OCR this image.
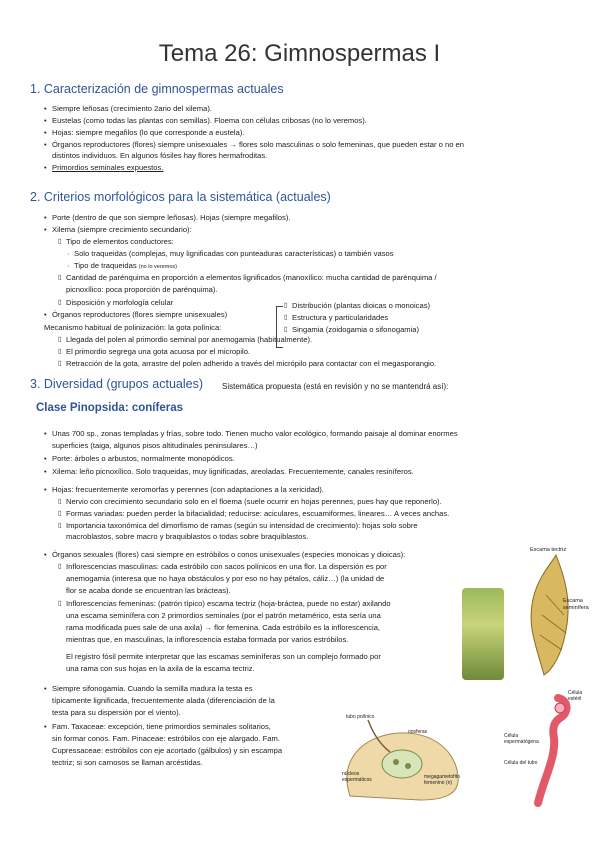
Tema 26: Gimnospermas I
1. Caracterización de gimnospermas actuales
• Siempre leñosas (crecimiento 2ario del xilema).
• Eustelas (como todas las plantas con semillas). Floema con células cribosas (no lo veremos).
• Hojas: siempre megafilos (lo que corresponde a eustela).
• Órganos reproductores (flores) siempre unisexuales → flores solo masculinas o solo femeninas, que pueden estar o no en
distintos individuos. En algunos fósiles hay flores hermafroditas.
• Primordios seminales expuestos.
2. Criterios morfológicos para la sistemática (actuales)
• Porte (dentro de que son siempre leñosas). Hojas (siempre megafilos).
• Xilema (siempre crecimiento secundario):
▯ Tipo de elementos conductores:
· Solo traqueidas (complejas, muy lignificadas con punteaduras características) o también vasos
· Tipo de traqueidas (no lo veremos)
▯ Cantidad de parénquima en proporción a elementos lignificados (manoxílico: mucha cantidad de parénquima /
picnoxílico: poca proporción de parénquima).
▯ Disposición y morfología celular
• Órganos reproductores (flores siempre unisexuales)
▯ Distribución (plantas dioicas o monoicas)
▯ Estructura y particularidades
▯ Singamia (zoidogamia o sifonogamia)
Mecanismo habitual de polinización: la gota polínica:
▯ Llegada del polen al primordio seminal por anemogamia (habitualmente).
▯ El primordio segrega una gota acuosa por el micropilo.
▯ Retracción de la gota, arrastre del polen adherido a través del micrópilo para contactar con el megasporangio.
3. Diversidad (grupos actuales) Sistemática propuesta (está en revisión y no se mantendrá así):
Clase Pinopsida: coníferas
• Unas 700 sp., zonas templadas y frías, sobre todo. Tienen mucho valor ecológico, formando paisaje al dominar enormes
superficies (taiga, algunos pisos altitudinales peninsulares…)
• Porte: árboles o arbustos, normalmente monopódicos.
• Xilema: leño picnoxílico. Solo traqueidas, muy lignificadas, areoladas. Frecuentemente, canales resiníferos.
• Hojas: frecuentemente xeromorfas y perennes (con adaptaciones a la xericidad).
▯ Nervio con crecimiento secundario solo en el floema (suele ocurrir en hojas perennes, pues hay que reponerlo).
▯ Formas variadas: pueden perder la bifacialidad; reducirse: aciculares, escuamiformes, lineares… A veces anchas.
▯ Importancia taxonómica del dimorfismo de ramas (según su intensidad de crecimiento): hojas solo sobre
macroblastos, sobre macro y braquiblastos o todas sobre braquiblastos.
• Órganos sexuales (flores) casi siempre en estróbilos o conos unisexuales (especies monoicas y dioicas):
▯ Inflorescencias masculinas: cada estróbilo con sacos polínicos en una flor. La dispersión es por
anemogamia (interesa que no haya obstáculos y por eso no hay pétalos, cáliz…) (la unidad de
flor se acaba donde se encuentran las brácteas).
▯ Inflorescencias femeninas: (patrón típico) escama tectriz (hoja-bráctea, puede no estar) axilando
una escama seminífera con 2 primordios seminales (por el patrón metamérico, esta sería una
rama modificada pues sale de una axila) → flor femenina. Cada estróbilo es la inflorescencia,
mientras que, en masculinas, la inflorescencia estaba formada por varios estróbilos.
El registro fósil permite interpretar que las escamas seminíferas son un complejo formado por
una rama con sus hojas en la axila de la escama tectriz.
• Siempre sifonogamia. Cuando la semilla madura la testa es
típicamente lignificada, frecuentemente alada (diferenciación de la
testa para su dispersión por el viento).
• Fam. Taxaceae: excepción, tiene primordios seminales solitarios,
sin formar conos. Fam. Pinaceae: estróbilos con eje alargado. Fam.
Cupressaceae: estróbilos con eje acortado (gálbulos) y sin escampa
tectriz; si son carnosos se llaman arcéstidas.
Escama tectriz
Escama seminífera
tubo polínico
oosferas
núcleos espermáticos	megagametofito femenino (n)
Célula estéril
Célula espermatógena
Célula del tubo
